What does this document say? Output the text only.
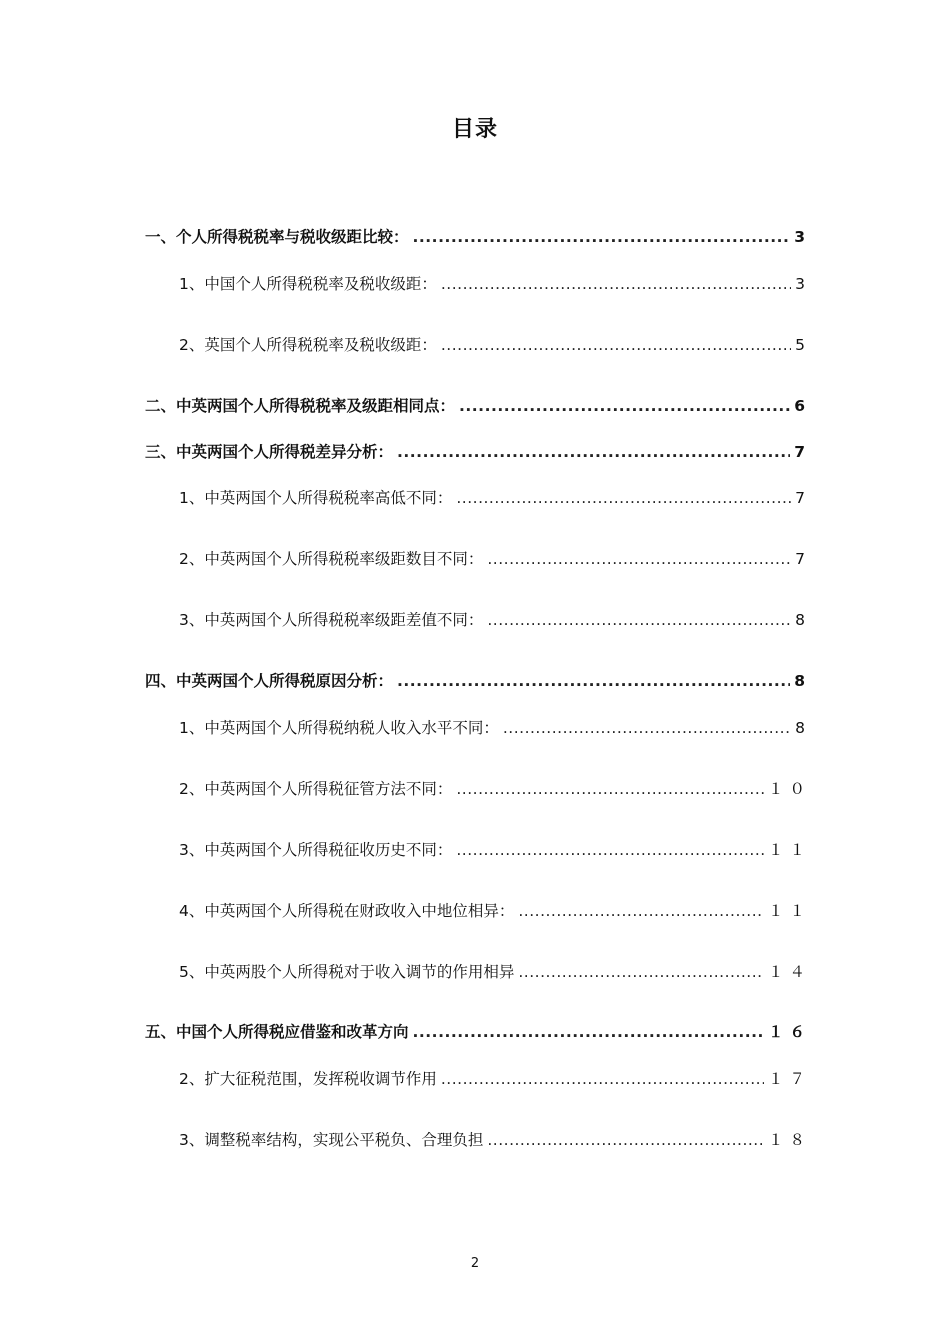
目录
一、个人所得税税率与税收级距比较： .....	3
1、中国个人所得税税率及税收级距： .....	3
2、英国个人所得税税率及税收级距： .....	5
二、中英两国个人所得税税率及级距相同点： .....	6
三、中英两国个人所得税差异分析： .....	7
1、中英两国个人所得税税率高低不同： .....	7
2、中英两国个人所得税税率级距数目不同： .....	7
3、中英两国个人所得税税率级距差值不同： .....	8
四、中英两国个人所得税原因分析： .....	8
1、中英两国个人所得税纳税人收入水平不同： .....	8
2、中英两国个人所得税征管方法不同： .....	１０
3、中英两国个人所得税征收历史不同： .....	１１
4、中英两国个人所得税在财政收入中地位相异： .....	１１
5、中英两股个人所得税对于收入调节的作用相异 .....	１４
五、中国个人所得税应借鉴和改革方向 .....	１６
2、扩大征税范围，发挥税收调节作用 .....	１７
3、调整税率结构，实现公平税负、合理负担 .....	１８
2
